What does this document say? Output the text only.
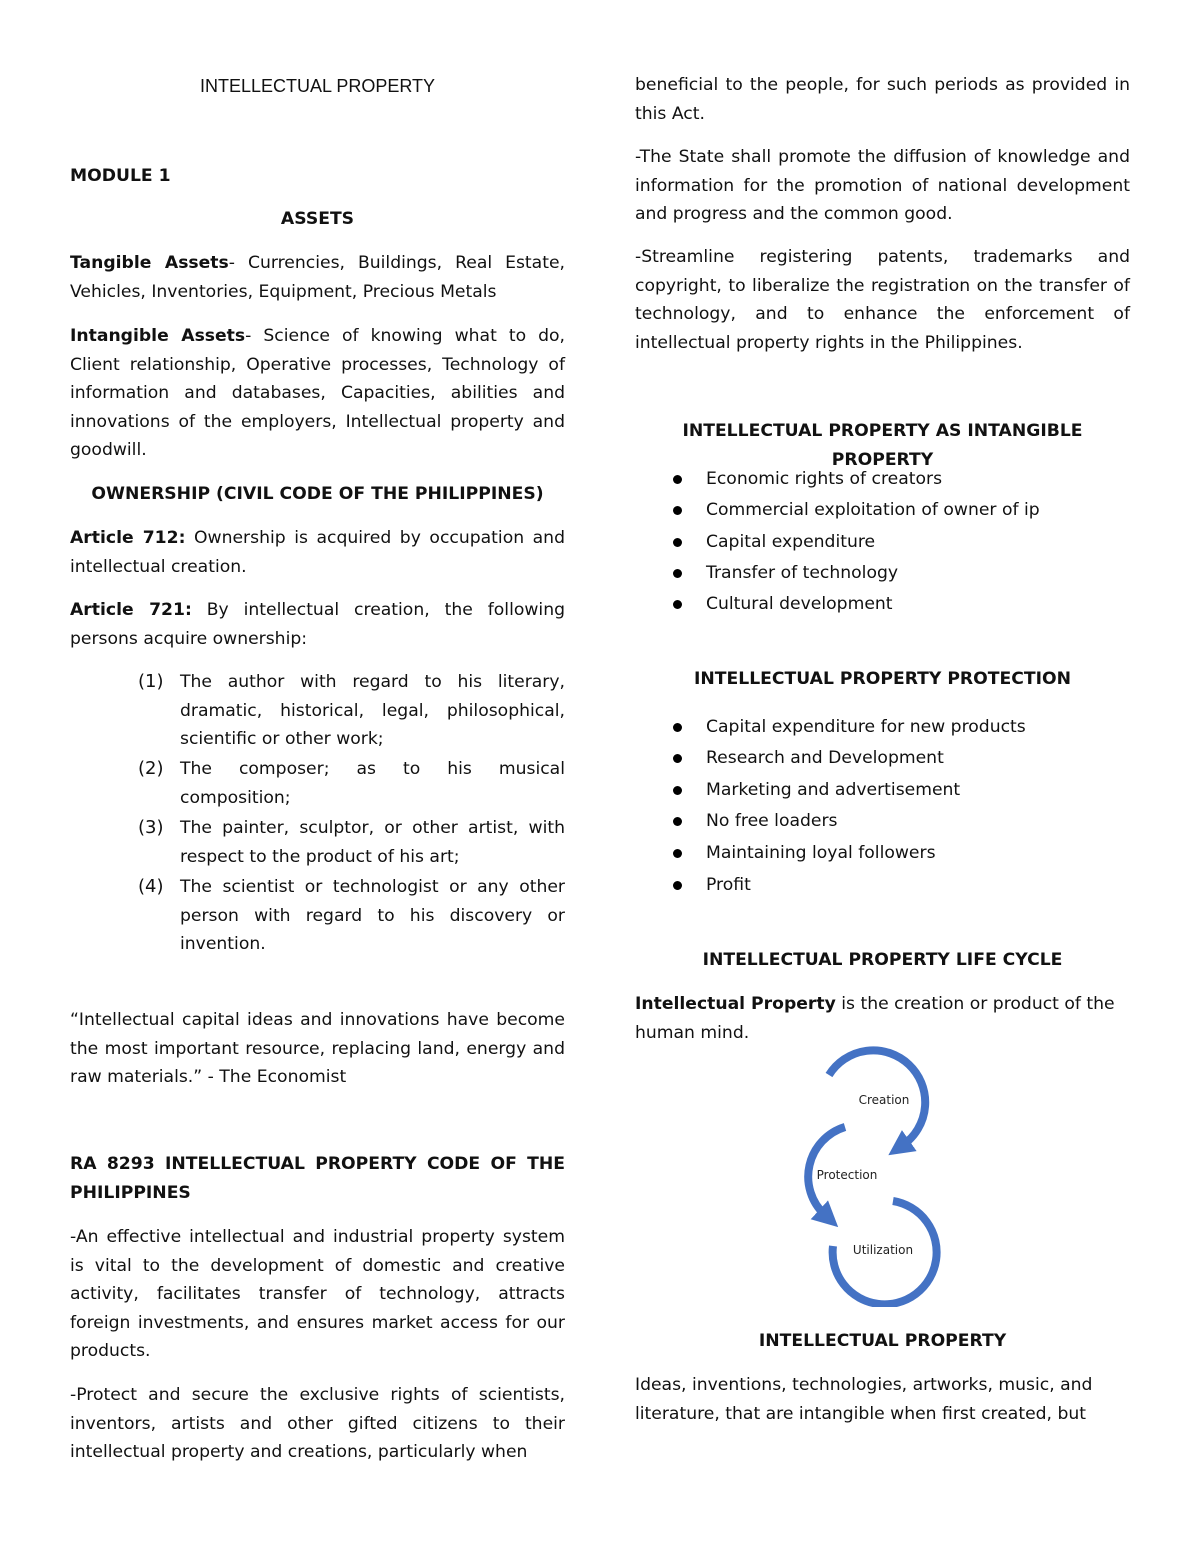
INTELLECTUAL PROPERTY
MODULE 1
ASSETS
Tangible Assets- Currencies, Buildings, Real Estate, Vehicles, Inventories, Equipment, Precious Metals
Intangible Assets- Science of knowing what to do, Client relationship, Operative processes, Technology of information and databases, Capacities, abilities and innovations of the employers, Intellectual property and goodwill.
OWNERSHIP (CIVIL CODE OF THE PHILIPPINES)
Article 712: Ownership is acquired by occupation and intellectual creation.
Article 721: By intellectual creation, the following persons acquire ownership:
(1) The author with regard to his literary, dramatic, historical, legal, philosophical, scientific or other work;
(2) The composer; as to his musical composition;
(3) The painter, sculptor, or other artist, with respect to the product of his art;
(4) The scientist or technologist or any other person with regard to his discovery or invention.
“Intellectual capital ideas and innovations have become the most important resource, replacing land, energy and raw materials.” - The Economist
RA 8293 INTELLECTUAL PROPERTY CODE OF THE PHILIPPINES
-An effective intellectual and industrial property system is vital to the development of domestic and creative activity, facilitates transfer of technology, attracts foreign investments, and ensures market access for our products.
-Protect and secure the exclusive rights of scientists, inventors, artists and other gifted citizens to their intellectual property and creations, particularly when
beneficial to the people, for such periods as provided in this Act.
-The State shall promote the diffusion of knowledge and information for the promotion of national development and progress and the common good.
-Streamline registering patents, trademarks and copyright, to liberalize the registration on the transfer of technology, and to enhance the enforcement of intellectual property rights in the Philippines.
INTELLECTUAL PROPERTY AS INTANGIBLE PROPERTY
Economic rights of creators
Commercial exploitation of owner of ip
Capital expenditure
Transfer of technology
Cultural development
INTELLECTUAL PROPERTY PROTECTION
Capital expenditure for new products
Research and Development
Marketing and advertisement
No free loaders
Maintaining loyal followers
Profit
INTELLECTUAL PROPERTY LIFE CYCLE
Intellectual Property is the creation or product of the human mind.
INTELLECTUAL PROPERTY
Ideas, inventions, technologies, artworks, music, and literature, that are intangible when first created, but
Creation
Protection
Utilization
